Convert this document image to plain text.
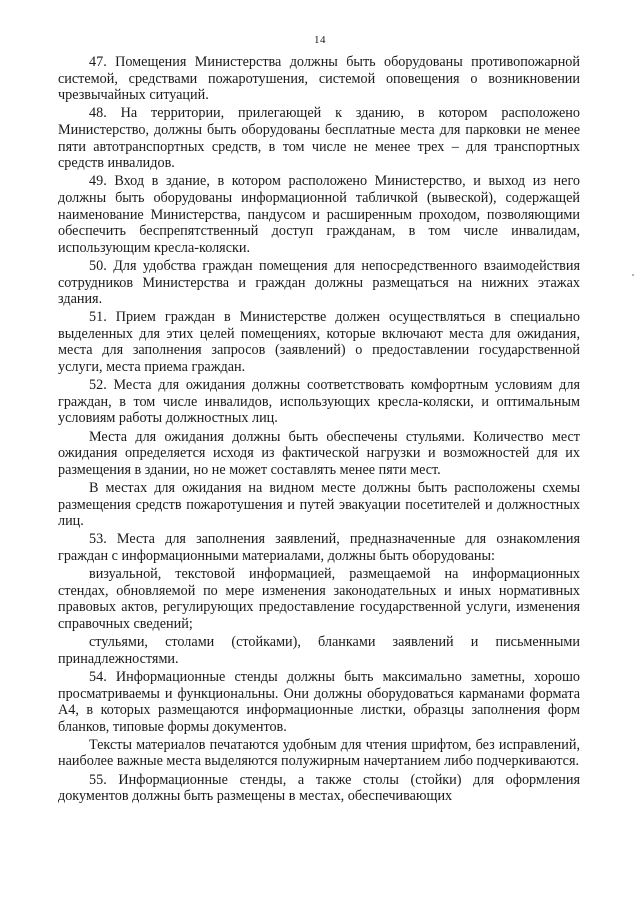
14

47. Помещения Министерства должны быть оборудованы противопожарной системой, средствами пожаротушения, системой оповещения о возникновении чрезвычайных ситуаций.

48. На территории, прилегающей к зданию, в котором расположено Министерство, должны быть оборудованы бесплатные места для парковки не менее пяти автотранспортных средств, в том числе не менее трех – для транспортных средств инвалидов.

49. Вход в здание, в котором расположено Министерство, и выход из него должны быть оборудованы информационной табличкой (вывеской), содержащей наименование Министерства, пандусом и расширенным проходом, позволяющими обеспечить беспрепятственный доступ гражданам, в том числе инвалидам, использующим кресла-коляски.

50. Для удобства граждан помещения для непосредственного взаимодействия сотрудников Министерства и граждан должны размещаться на нижних этажах здания.

51. Прием граждан в Министерстве должен осуществляться в специально выделенных для этих целей помещениях, которые включают места для ожидания, места для заполнения запросов (заявлений) о предоставлении государственной услуги, места приема граждан.

52. Места для ожидания должны соответствовать комфортным условиям для граждан, в том числе инвалидов, использующих кресла-коляски, и оптимальным условиям работы должностных лиц.

Места для ожидания должны быть обеспечены стульями. Количество мест ожидания определяется исходя из фактической нагрузки и возможностей для их размещения в здании, но не может составлять менее пяти мест.

В местах для ожидания на видном месте должны быть расположены схемы размещения средств пожаротушения и путей эвакуации посетителей и должностных лиц.

53. Места для заполнения заявлений, предназначенные для ознакомления граждан с информационными материалами, должны быть оборудованы:

визуальной, текстовой информацией, размещаемой на информационных стендах, обновляемой по мере изменения законодательных и иных нормативных правовых актов, регулирующих предоставление государственной услуги, изменения справочных сведений;

стульями, столами (стойками), бланками заявлений и письменными принадлежностями.

54. Информационные стенды должны быть максимально заметны, хорошо просматриваемы и функциональны. Они должны оборудоваться карманами формата А4, в которых размещаются информационные листки, образцы заполнения форм бланков, типовые формы документов.

Тексты материалов печатаются удобным для чтения шрифтом, без исправлений, наиболее важные места выделяются полужирным начертанием либо подчеркиваются.

55. Информационные стенды, а также столы (стойки) для оформления документов должны быть размещены в местах, обеспечивающих
